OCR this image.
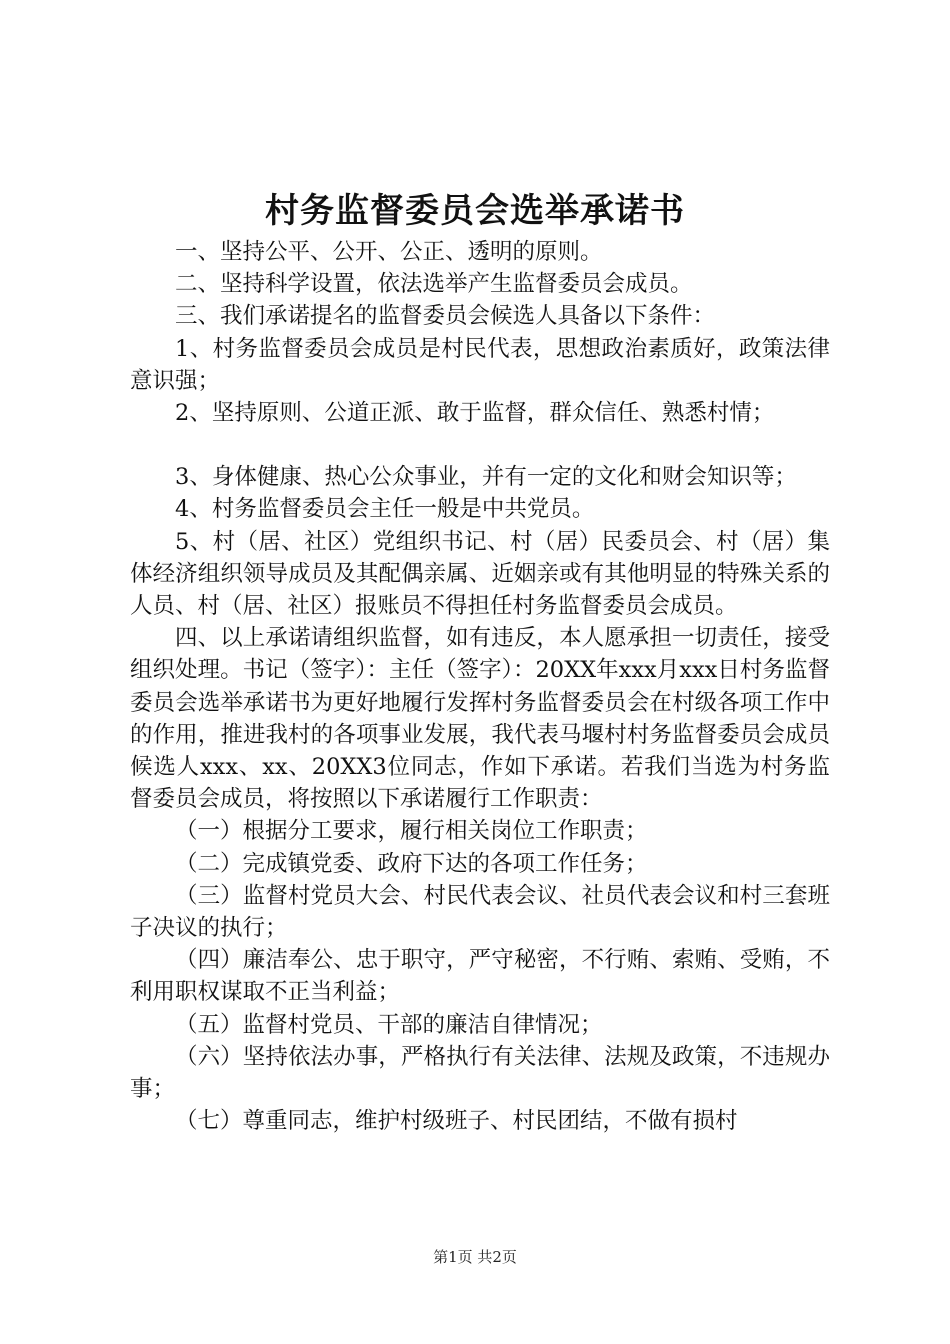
村务监督委员会选举承诺书

一、坚持公平、公开、公正、透明的原则。

二、坚持科学设置，依法选举产生监督委员会成员。

三、我们承诺提名的监督委员会候选人具备以下条件：

1、村务监督委员会成员是村民代表，思想政治素质好，政策法律意识强；

2、坚持原则、公道正派、敢于监督，群众信任、熟悉村情；

3、身体健康、热心公众事业，并有一定的文化和财会知识等；

4、村务监督委员会主任一般是中共党员。

5、村（居、社区）党组织书记、村（居）民委员会、村（居）集体经济组织领导成员及其配偶亲属、近姻亲或有其他明显的特殊关系的人员、村（居、社区）报账员不得担任村务监督委员会成员。

四、以上承诺请组织监督，如有违反，本人愿承担一切责任，接受组织处理。书记（签字）：主任（签字）：20XX年xxx月xxx日村务监督委员会选举承诺书为更好地履行发挥村务监督委员会在村级各项工作中的作用，推进我村的各项事业发展，我代表马堰村村务监督委员会成员候选人xxx、xx、20XX3位同志，作如下承诺。若我们当选为村务监督委员会成员，将按照以下承诺履行工作职责：

（一）根据分工要求，履行相关岗位工作职责；

（二）完成镇党委、政府下达的各项工作任务；

（三）监督村党员大会、村民代表会议、社员代表会议和村三套班子决议的执行；

（四）廉洁奉公、忠于职守，严守秘密，不行贿、索贿、受贿，不利用职权谋取不正当利益；

（五）监督村党员、干部的廉洁自律情况；

（六）坚持依法办事，严格执行有关法律、法规及政策，不违规办事；

（七）尊重同志，维护村级班子、村民团结，不做有损村

第1页 共2页
